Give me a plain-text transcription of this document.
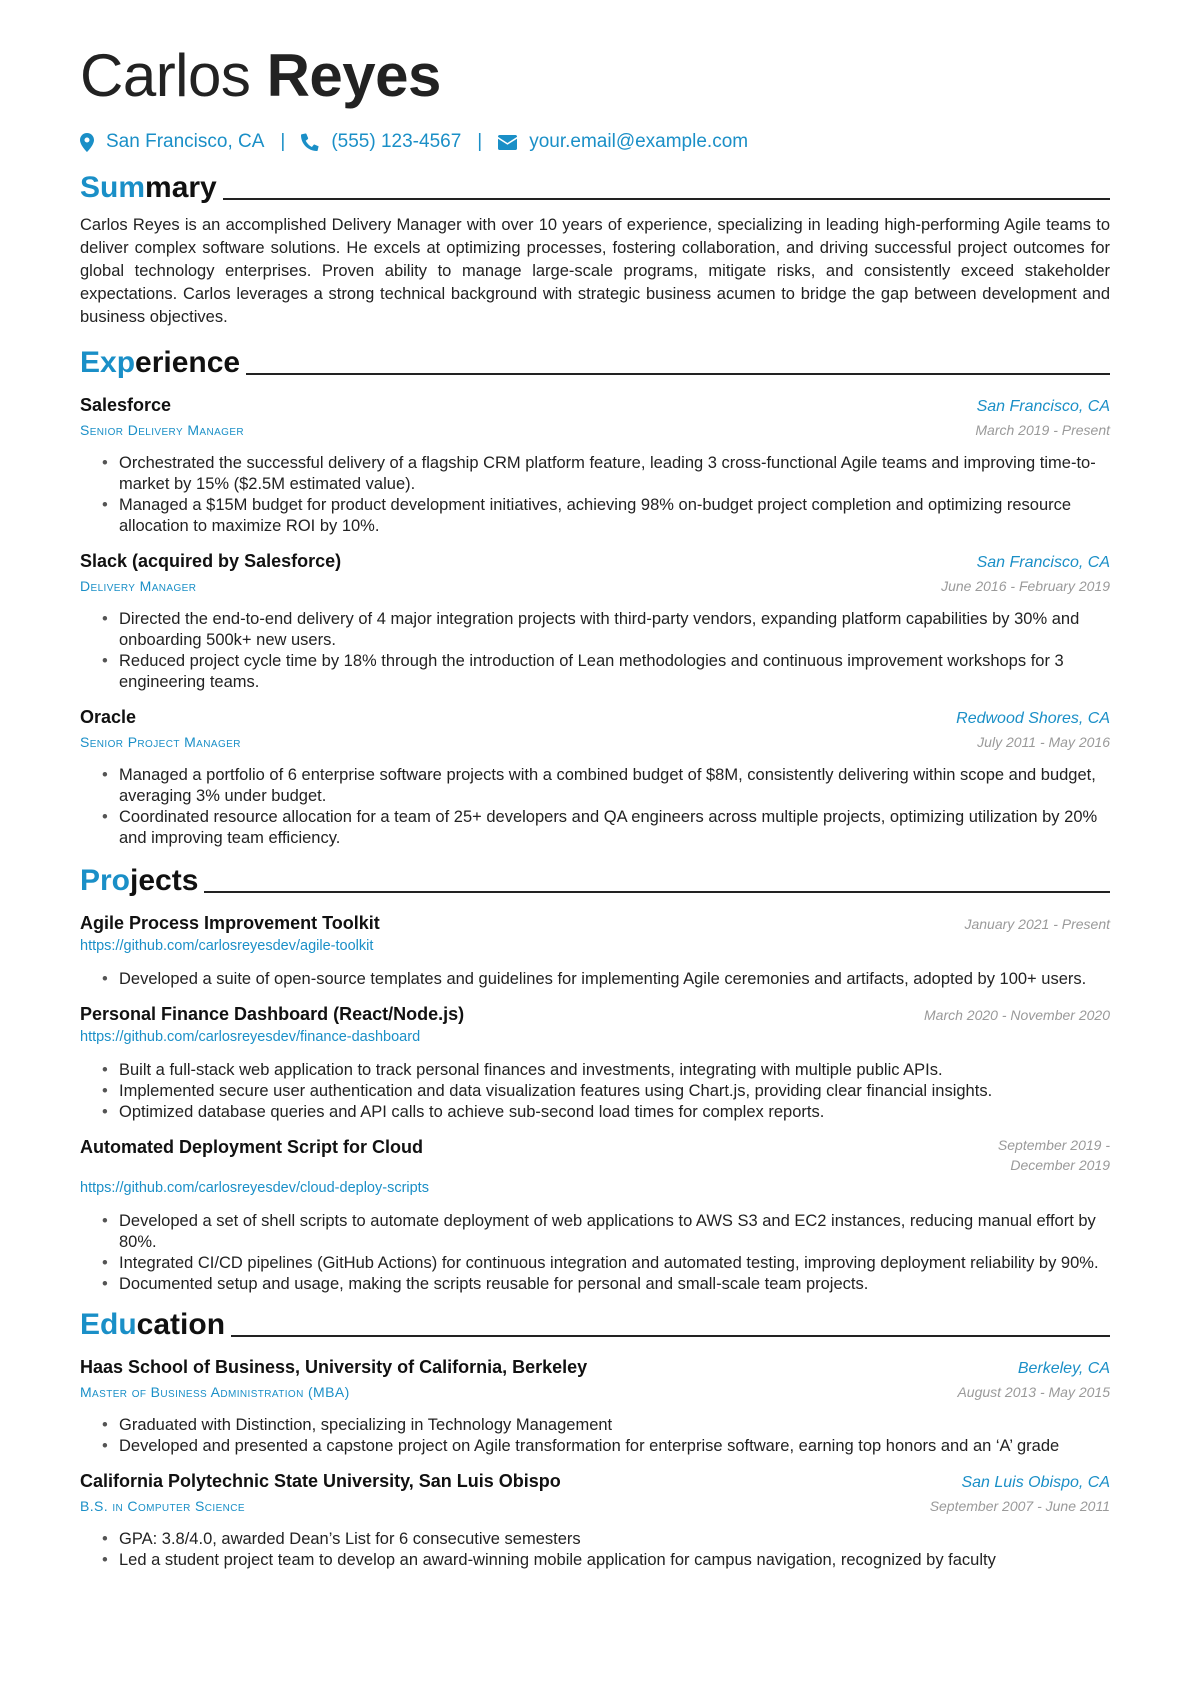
Carlos Reyes
San Francisco, CA | (555) 123-4567 | your.email@example.com
Summary

Carlos Reyes is an accomplished Delivery Manager with over 10 years of experience, specializing in leading high-performing Agile teams to deliver complex software solutions. He excels at optimizing processes, fostering collaboration, and driving successful project outcomes for global technology enterprises. Proven ability to manage large-scale programs, mitigate risks, and consistently exceed stakeholder expectations. Carlos leverages a strong technical background with strategic business acumen to bridge the gap between development and business objectives.

Experience
Salesforce	San Francisco, CA
Senior Delivery Manager	March 2019 - Present
• Orchestrated the successful delivery of a flagship CRM platform feature, leading 3 cross-functional Agile teams and improving time-to-market by 15% ($2.5M estimated value).
• Managed a $15M budget for product development initiatives, achieving 98% on-budget project completion and optimizing resource allocation to maximize ROI by 10%.
Slack (acquired by Salesforce)	San Francisco, CA
Delivery Manager	June 2016 - February 2019
• Directed the end-to-end delivery of 4 major integration projects with third-party vendors, expanding platform capabilities by 30% and onboarding 500k+ new users.
• Reduced project cycle time by 18% through the introduction of Lean methodologies and continuous improvement workshops for 3 engineering teams.
Oracle	Redwood Shores, CA
Senior Project Manager	July 2011 - May 2016
• Managed a portfolio of 6 enterprise software projects with a combined budget of $8M, consistently delivering within scope and budget, averaging 3% under budget.
• Coordinated resource allocation for a team of 25+ developers and QA engineers across multiple projects, optimizing utilization by 20% and improving team efficiency.
Projects
Agile Process Improvement Toolkit	January 2021 - Present
https://github.com/carlosreyesdev/agile-toolkit
• Developed a suite of open-source templates and guidelines for implementing Agile ceremonies and artifacts, adopted by 100+ users.
Personal Finance Dashboard (React/Node.js)	March 2020 - November 2020
https://github.com/carlosreyesdev/finance-dashboard
• Built a full-stack web application to track personal finances and investments, integrating with multiple public APIs.
• Implemented secure user authentication and data visualization features using Chart.js, providing clear financial insights.
• Optimized database queries and API calls to achieve sub-second load times for complex reports.
Automated Deployment Script for Cloud	September 2019 - December 2019
https://github.com/carlosreyesdev/cloud-deploy-scripts
• Developed a set of shell scripts to automate deployment of web applications to AWS S3 and EC2 instances, reducing manual effort by 80%.
• Integrated CI/CD pipelines (GitHub Actions) for continuous integration and automated testing, improving deployment reliability by 90%.
• Documented setup and usage, making the scripts reusable for personal and small-scale team projects.
Education
Haas School of Business, University of California, Berkeley	Berkeley, CA
Master of Business Administration (MBA)	August 2013 - May 2015
• Graduated with Distinction, specializing in Technology Management
• Developed and presented a capstone project on Agile transformation for enterprise software, earning top honors and an ‘A’ grade
California Polytechnic State University, San Luis Obispo	San Luis Obispo, CA
B.S. in Computer Science	September 2007 - June 2011
• GPA: 3.8/4.0, awarded Dean’s List for 6 consecutive semesters
• Led a student project team to develop an award-winning mobile application for campus navigation, recognized by faculty
